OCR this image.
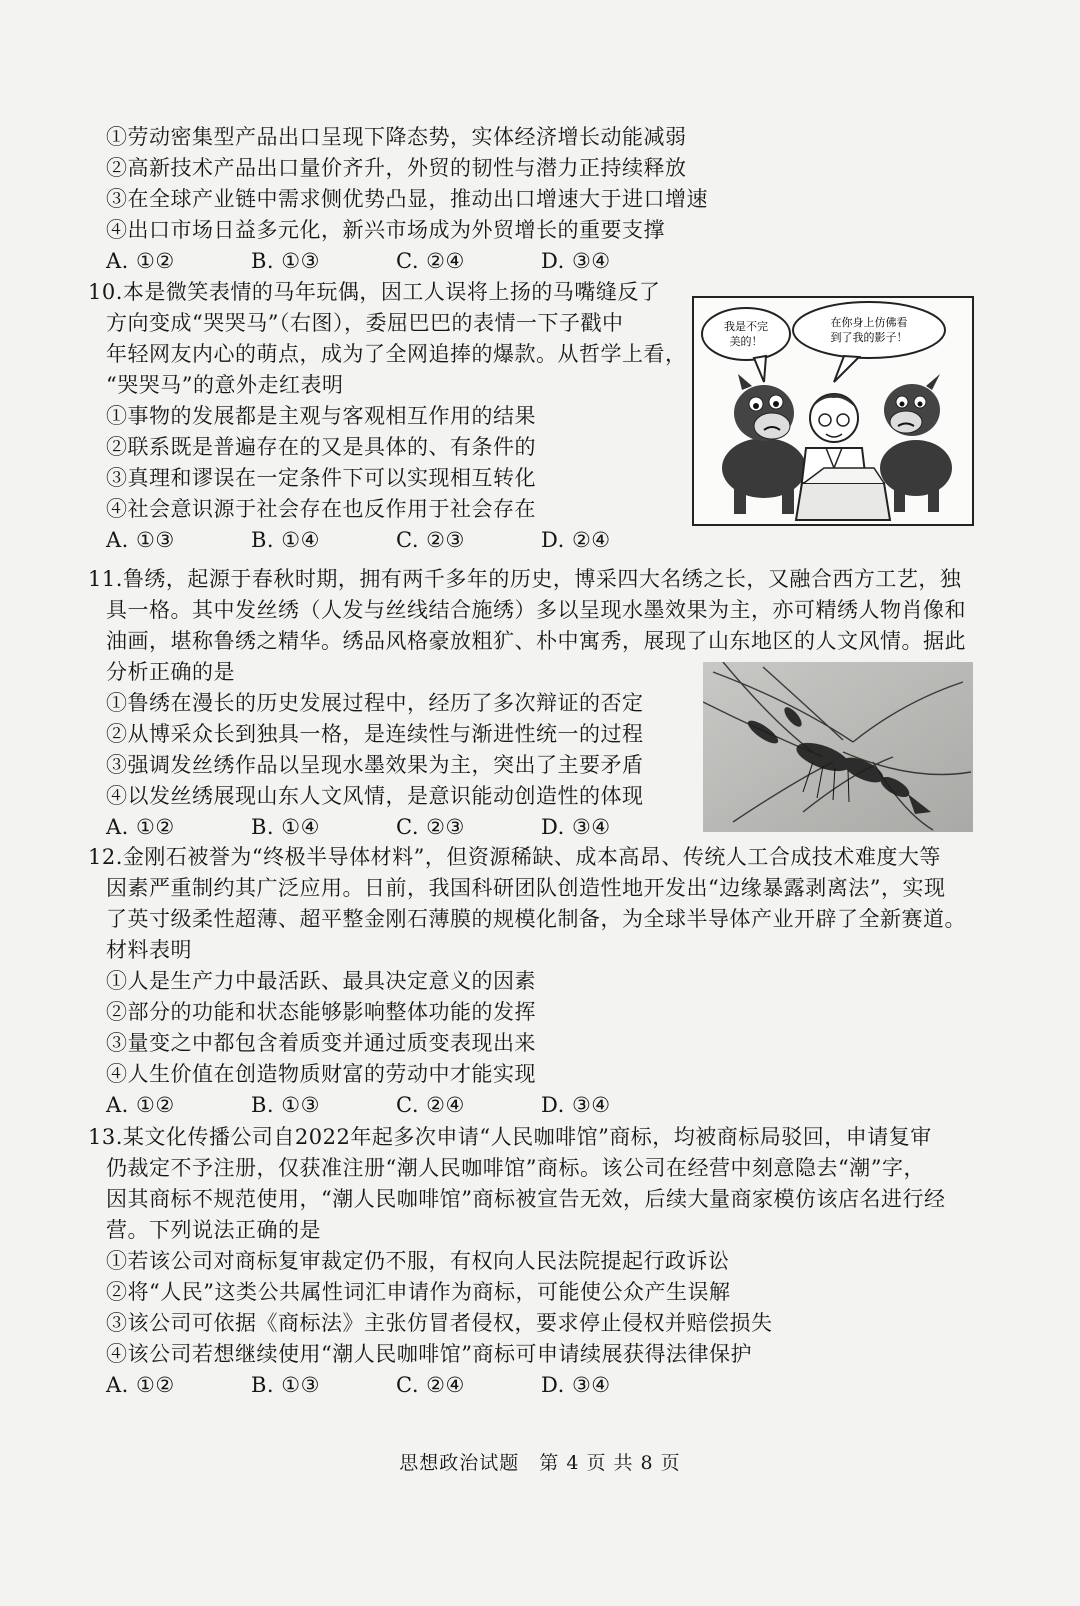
①劳动密集型产品出口呈现下降态势，实体经济增长动能减弱
②高新技术产品出口量价齐升，外贸的韧性与潜力正持续释放
③在全球产业链中需求侧优势凸显，推动出口增速大于进口增速
④出口市场日益多元化，新兴市场成为外贸增长的重要支撑
A. ①②	B. ①③	C. ②④	D. ③④
10.本是微笑表情的马年玩偶，因工人误将上扬的马嘴缝反了
方向变成“哭哭马”（右图），委屈巴巴的表情一下子戳中
年轻网友内心的萌点，成为了全网追捧的爆款。从哲学上看，
“哭哭马”的意外走红表明
①事物的发展都是主观与客观相互作用的结果
②联系既是普遍存在的又是具体的、有条件的
③真理和谬误在一定条件下可以实现相互转化
④社会意识源于社会存在也反作用于社会存在
A. ①③	B. ①④	C. ②③	D. ②④
我是不完
美的！
在你身上仿佛看
到了我的影子！
11.鲁绣，起源于春秋时期，拥有两千多年的历史，博采四大名绣之长，又融合西方工艺，独
具一格。其中发丝绣（人发与丝线结合施绣）多以呈现水墨效果为主，亦可精绣人物肖像和
油画，堪称鲁绣之精华。绣品风格豪放粗犷、朴中寓秀，展现了山东地区的人文风情。据此
分析正确的是
①鲁绣在漫长的历史发展过程中，经历了多次辩证的否定
②从博采众长到独具一格，是连续性与渐进性统一的过程
③强调发丝绣作品以呈现水墨效果为主，突出了主要矛盾
④以发丝绣展现山东人文风情，是意识能动创造性的体现
A. ①②	B. ①④	C. ②③	D. ③④
12.金刚石被誉为“终极半导体材料”，但资源稀缺、成本高昂、传统人工合成技术难度大等
因素严重制约其广泛应用。日前，我国科研团队创造性地开发出“边缘暴露剥离法”，实现
了英寸级柔性超薄、超平整金刚石薄膜的规模化制备，为全球半导体产业开辟了全新赛道。
材料表明
①人是生产力中最活跃、最具决定意义的因素
②部分的功能和状态能够影响整体功能的发挥
③量变之中都包含着质变并通过质变表现出来
④人生价值在创造物质财富的劳动中才能实现
A. ①②	B. ①③	C. ②④	D. ③④
13.某文化传播公司自2022年起多次申请“人民咖啡馆”商标，均被商标局驳回，申请复审
仍裁定不予注册，仅获准注册“潮人民咖啡馆”商标。该公司在经营中刻意隐去“潮”字，
因其商标不规范使用，“潮人民咖啡馆”商标被宣告无效，后续大量商家模仿该店名进行经
营。下列说法正确的是
①若该公司对商标复审裁定仍不服，有权向人民法院提起行政诉讼
②将“人民”这类公共属性词汇申请作为商标，可能使公众产生误解
③该公司可依据《商标法》主张仿冒者侵权，要求停止侵权并赔偿损失
④该公司若想继续使用“潮人民咖啡馆”商标可申请续展获得法律保护
A. ①②	B. ①③	C. ②④	D. ③④
思想政治试题　第 4 页 共 8 页
